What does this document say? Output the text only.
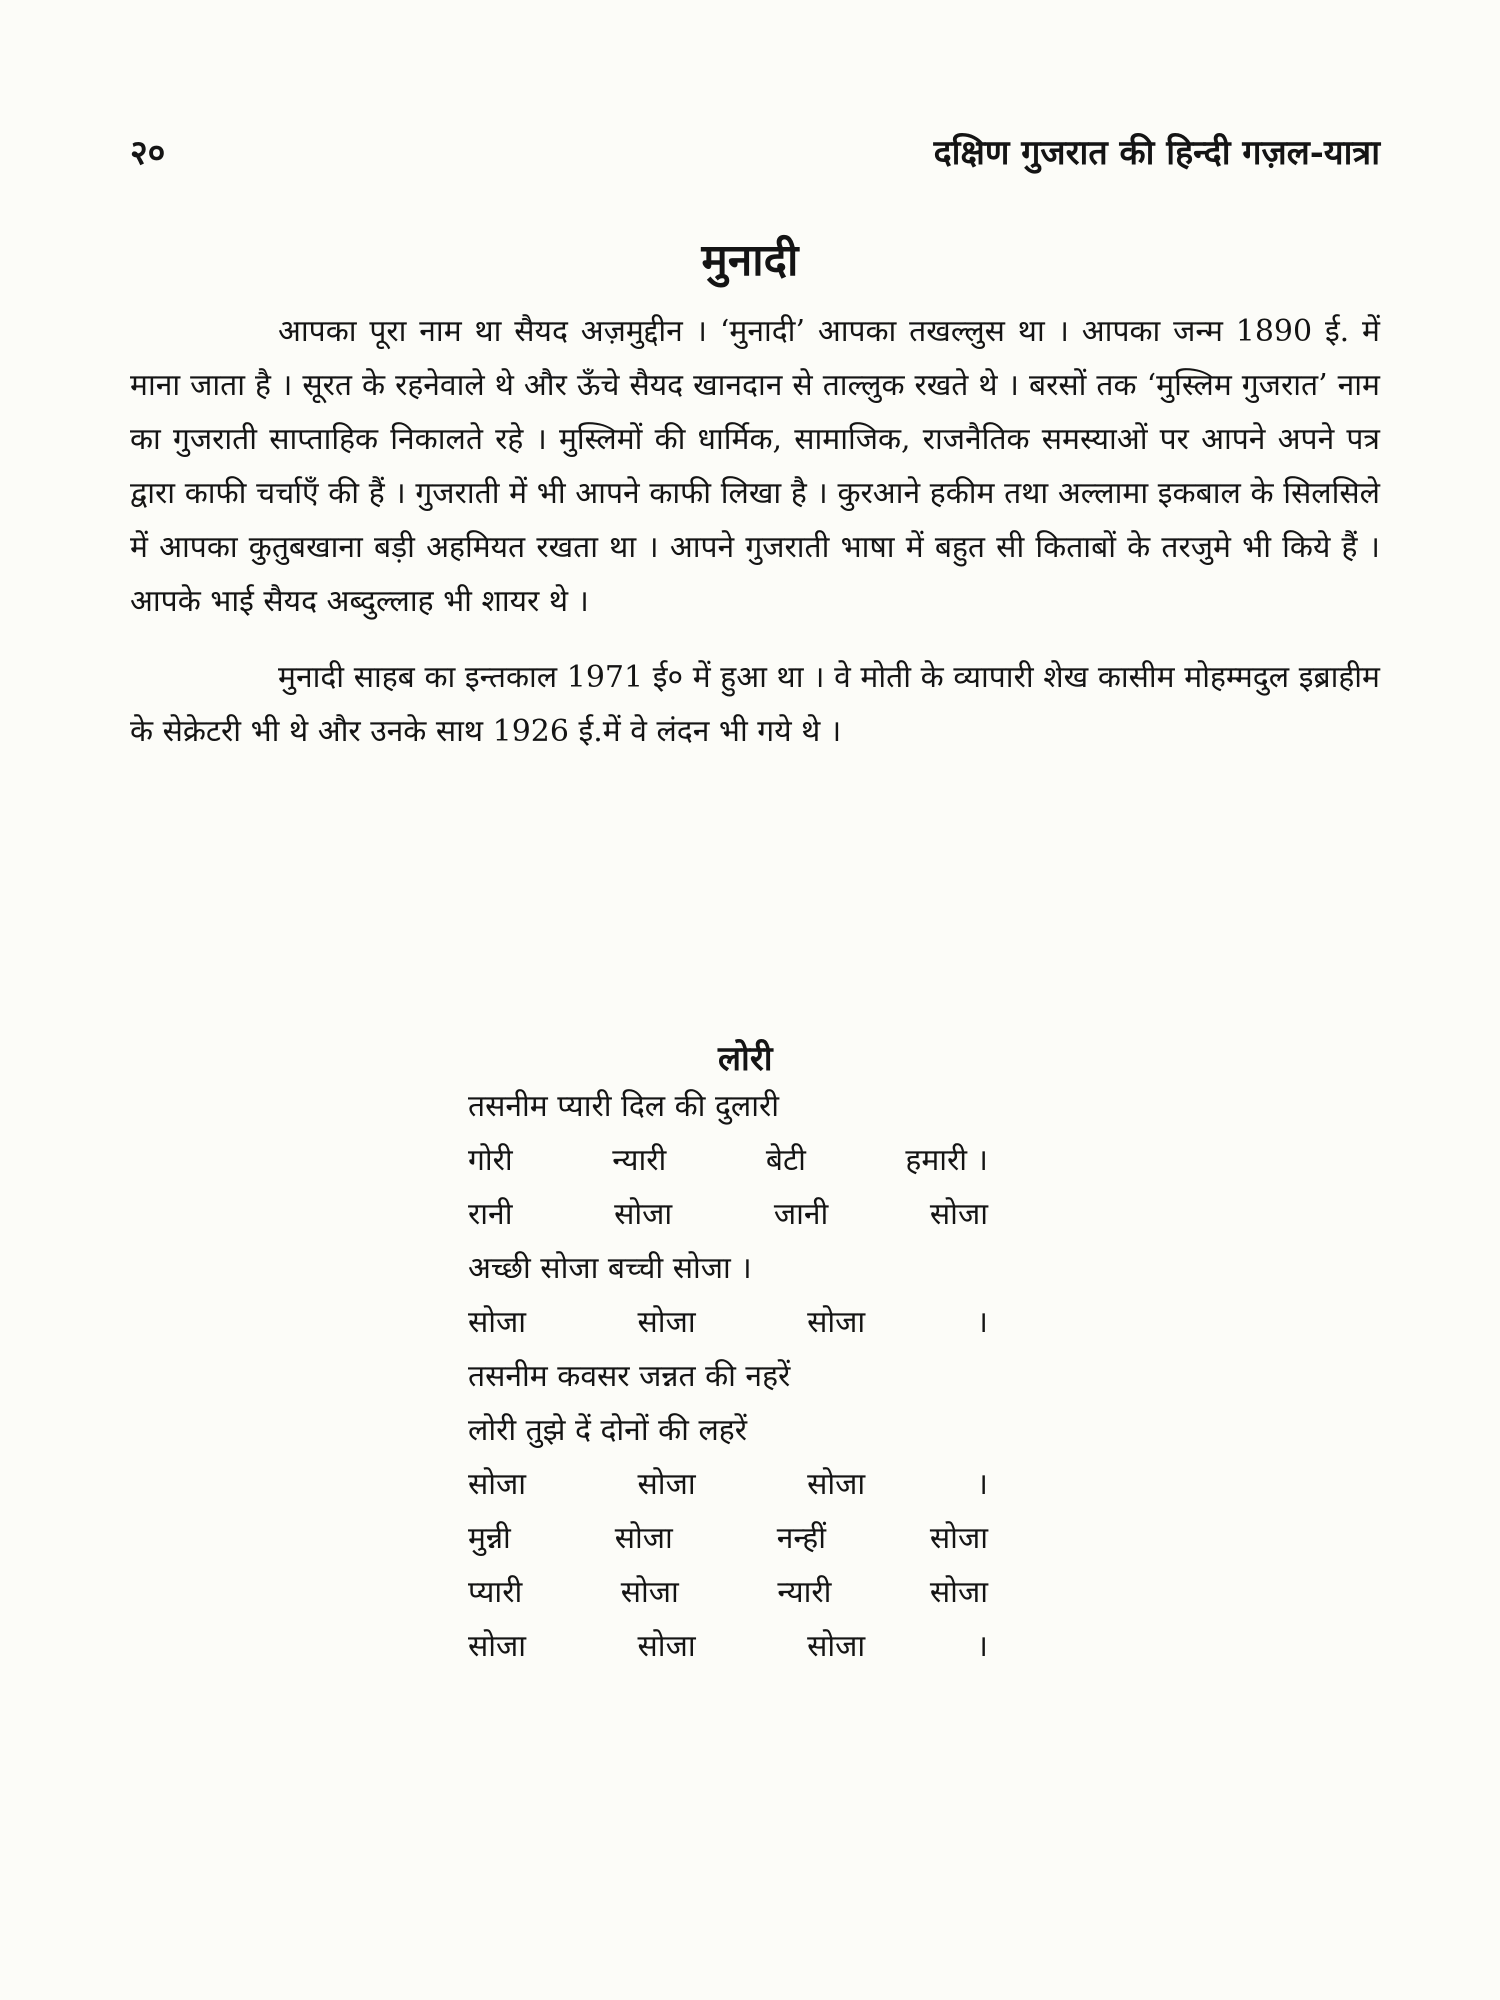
२०	दक्षिण गुजरात की हिन्दी गज़ल-यात्रा
मुनादी

आपका पूरा नाम था सैयद अज़मुद्दीन । ‘मुनादी’ आपका तखल्लुस था । आपका जन्म 1890 ई. में माना जाता है । सूरत के रहनेवाले थे और ऊँचे सैयद खानदान से ताल्लुक रखते थे । बरसों तक ‘मुस्लिम गुजरात’ नाम का गुजराती साप्ताहिक निकालते रहे । मुस्लिमों की धार्मिक, सामाजिक, राजनैतिक समस्याओं पर आपने अपने पत्र द्वारा काफी चर्चाएँ की हैं । गुजराती में भी आपने काफी लिखा है । कुरआने हकीम तथा अल्लामा इकबाल के सिलसिले में आपका कुतुबखाना बड़ी अहमियत रखता था । आपने गुजराती भाषा में बहुत सी किताबों के तरजुमे भी किये हैं । आपके भाई सैयद अब्दुल्लाह भी शायर थे ।

मुनादी साहब का इन्तकाल 1971 ई० में हुआ था । वे मोती के व्यापारी शेख कासीम मोहम्मदुल इब्राहीम के सेक्रेटरी भी थे और उनके साथ 1926 ई.में वे लंदन भी गये थे ।

लोरी
तसनीम प्यारी दिल की दुलारी
गोरी	न्यारी	बेटी	हमारी ।
रानी	सोजा	जानी	सोजा
अच्छी सोजा बच्ची सोजा ।
सोजा	सोजा	सोजा	।
तसनीम कवसर जन्नत की नहरें
लोरी तुझे दें दोनों की लहरें
सोजा	सोजा	सोजा	।
मुन्नी	सोजा	नन्हीं	सोजा
प्यारी	सोजा	न्यारी	सोजा
सोजा	सोजा	सोजा	।
